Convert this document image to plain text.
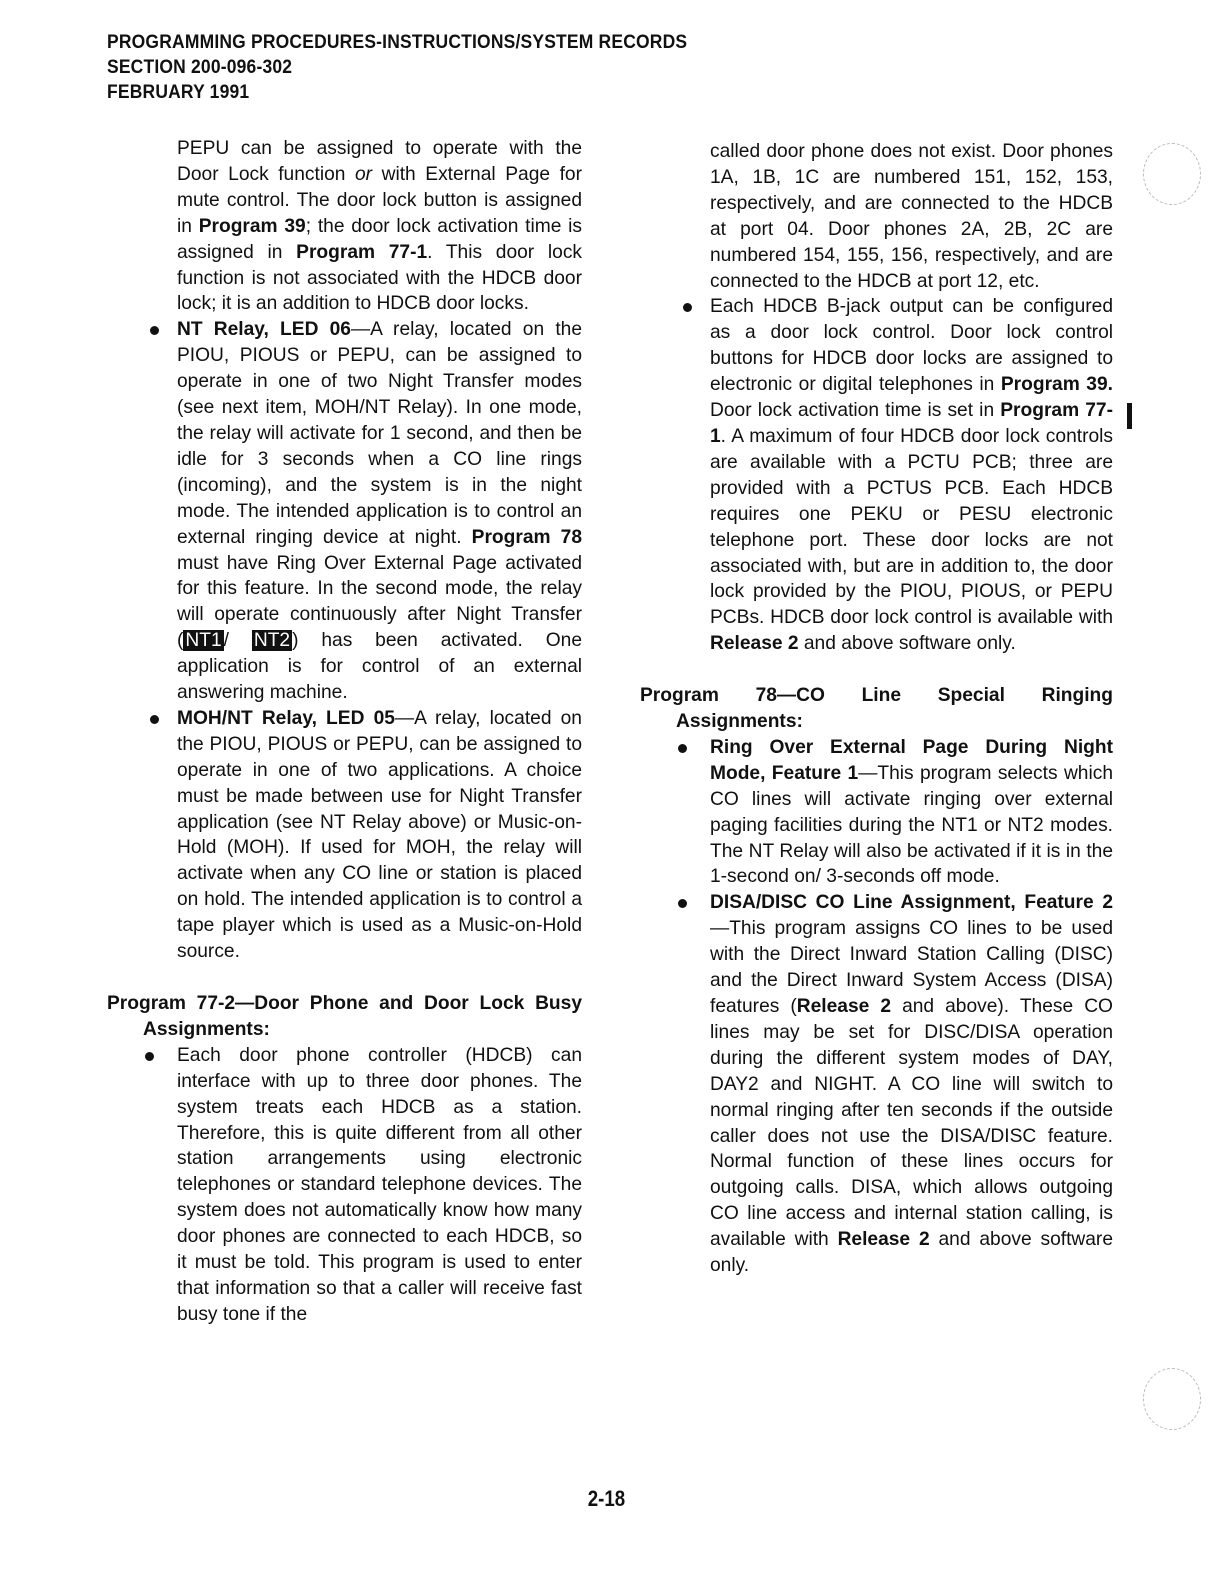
PROGRAMMING PROCEDURES-INSTRUCTIONS/SYSTEM RECORDS
SECTION 200-096-302
FEBRUARY 1991

PEPU can be assigned to operate with the Door Lock function or with External Page for mute control. The door lock button is assigned in Program 39; the door lock activation time is assigned in Program 77-1. This door lock function is not associated with the HDCB door lock; it is an addition to HDCB door locks.

NT Relay, LED 06—A relay, located on the PIOU, PIOUS or PEPU, can be assigned to operate in one of two Night Transfer modes (see next item, MOH/NT Relay). In one mode, the relay will activate for 1 second, and then be idle for 3 seconds when a CO line rings (incoming), and the system is in the night mode. The intended application is to control an external ringing device at night. Program 78 must have Ring Over External Page activated for this feature. In the second mode, the relay will operate continuously after Night Transfer ( NT1 / NT2 ) has been activated. One application is for control of an external answering machine.
MOH/NT Relay, LED 05—A relay, located on the PIOU, PIOUS or PEPU, can be assigned to operate in one of two applications. A choice must be made between use for Night Transfer application (see NT Relay above) or Music-on-Hold (MOH). If used for MOH, the relay will activate when any CO line or station is placed on hold. The intended application is to control a tape player which is used as a Music-on-Hold source.

Program 77-2—Door Phone and Door Lock Busy Assignments:

Each door phone controller (HDCB) can interface with up to three door phones. The system treats each HDCB as a station. Therefore, this is quite different from all other station arrangements using electronic telephones or standard telephone devices. The system does not automatically know how many door phones are connected to each HDCB, so it must be told. This program is used to enter that information so that a caller will receive fast busy tone if the

called door phone does not exist. Door phones 1A, 1B, 1C are numbered 151, 152, 153, respectively, and are connected to the HDCB at port 04. Door phones 2A, 2B, 2C are numbered 154, 155, 156, respectively, and are connected to the HDCB at port 12, etc.

Each HDCB B-jack output can be configured as a door lock control. Door lock control buttons for HDCB door locks are assigned to electronic or digital telephones in Program 39. Door lock activation time is set in Program 77-1. A maximum of four HDCB door lock controls are available with a PCTU PCB; three are provided with a PCTUS PCB. Each HDCB requires one PEKU or PESU electronic telephone port. These door locks are not associated with, but are in addition to, the door lock provided by the PIOU, PIOUS, or PEPU PCBs. HDCB door lock control is available with Release 2 and above software only.

Program 78—CO Line Special Ringing Assignments:

Ring Over External Page During Night Mode, Feature 1—This program selects which CO lines will activate ringing over external paging facilities during the NT1 or NT2 modes. The NT Relay will also be activated if it is in the 1-second on/ 3-seconds off mode.
DISA/DISC CO Line Assignment, Feature 2—This program assigns CO lines to be used with the Direct Inward Station Calling (DISC) and the Direct Inward System Access (DISA) features (Release 2 and above). These CO lines may be set for DISC/DISA operation during the different system modes of DAY, DAY2 and NIGHT. A CO line will switch to normal ringing after ten seconds if the outside caller does not use the DISA/DISC feature. Normal function of these lines occurs for outgoing calls. DISA, which allows outgoing CO line access and internal station calling, is available with Release 2 and above software only.
2-18
